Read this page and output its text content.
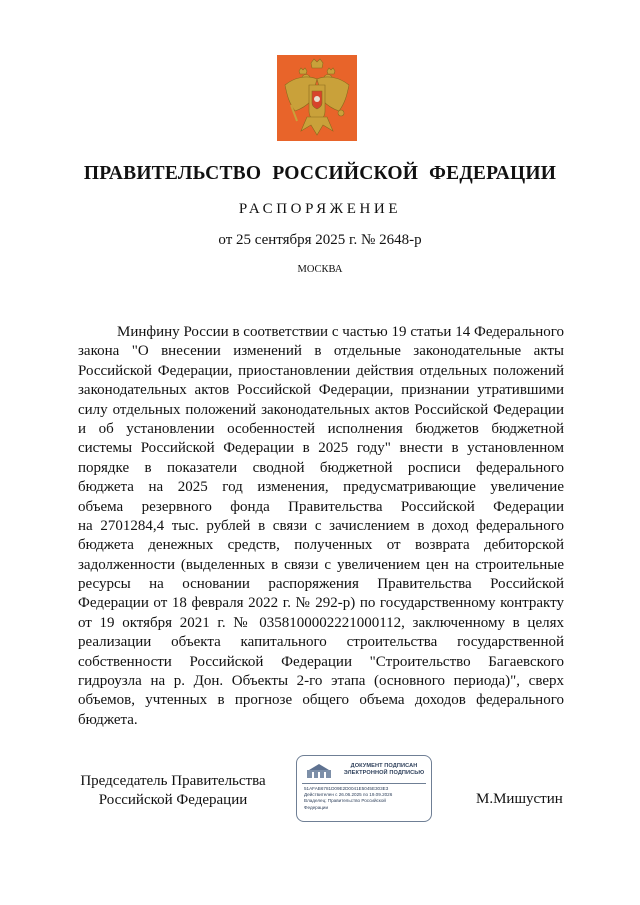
ПРАВИТЕЛЬСТВО РОССИЙСКОЙ ФЕДЕРАЦИИ
РАСПОРЯЖЕНИЕ
от 25 сентября 2025 г. № 2648-р
МОСКВА
Минфину России в соответствии с частью 19 статьи 14 Федерального
закона "О внесении изменений в отдельные законодательные акты
Российской Федерации, приостановлении действия отдельных положений
законодательных актов Российской Федерации, признании утратившими
силу отдельных положений законодательных актов Российской Федерации
и об установлении особенностей исполнения бюджетов бюджетной
системы Российской Федерации в 2025 году" внести в установленном
порядке в показатели сводной бюджетной росписи федерального
бюджета на 2025 год изменения, предусматривающие увеличение
объема резервного фонда Правительства Российской Федерации
на 2701284,4 тыс. рублей в связи с зачислением в доход федерального
бюджета денежных средств, полученных от возврата дебиторской
задолженности (выделенных в связи с увеличением цен на строительные
ресурсы на основании распоряжения Правительства Российской
Федерации от 18 февраля 2022 г. № 292-р) по государственному контракту
от 19 октября 2021 г. № 0358100002221000112, заключенному в целях
реализации объекта капитального строительства государственной
собственности Российской Федерации "Строительство Багаевского
гидроузла на р. Дон. Объекты 2-го этапа (основного периода)", сверх
объемов, учтенных в прогнозе общего объема доходов федерального
бюджета.
Председатель Правительства
Российской Федерации
ДОКУМЕНТ ПОДПИСАН
ЭЛЕКТРОННОЙ ПОДПИСЬЮ
51AFAB6781D09E2D0041E5045E303E3
Действителен с 26.06.2025 по 19.09.2026
Владелец: Правительство Российской
Федерации
М.Мишустин
